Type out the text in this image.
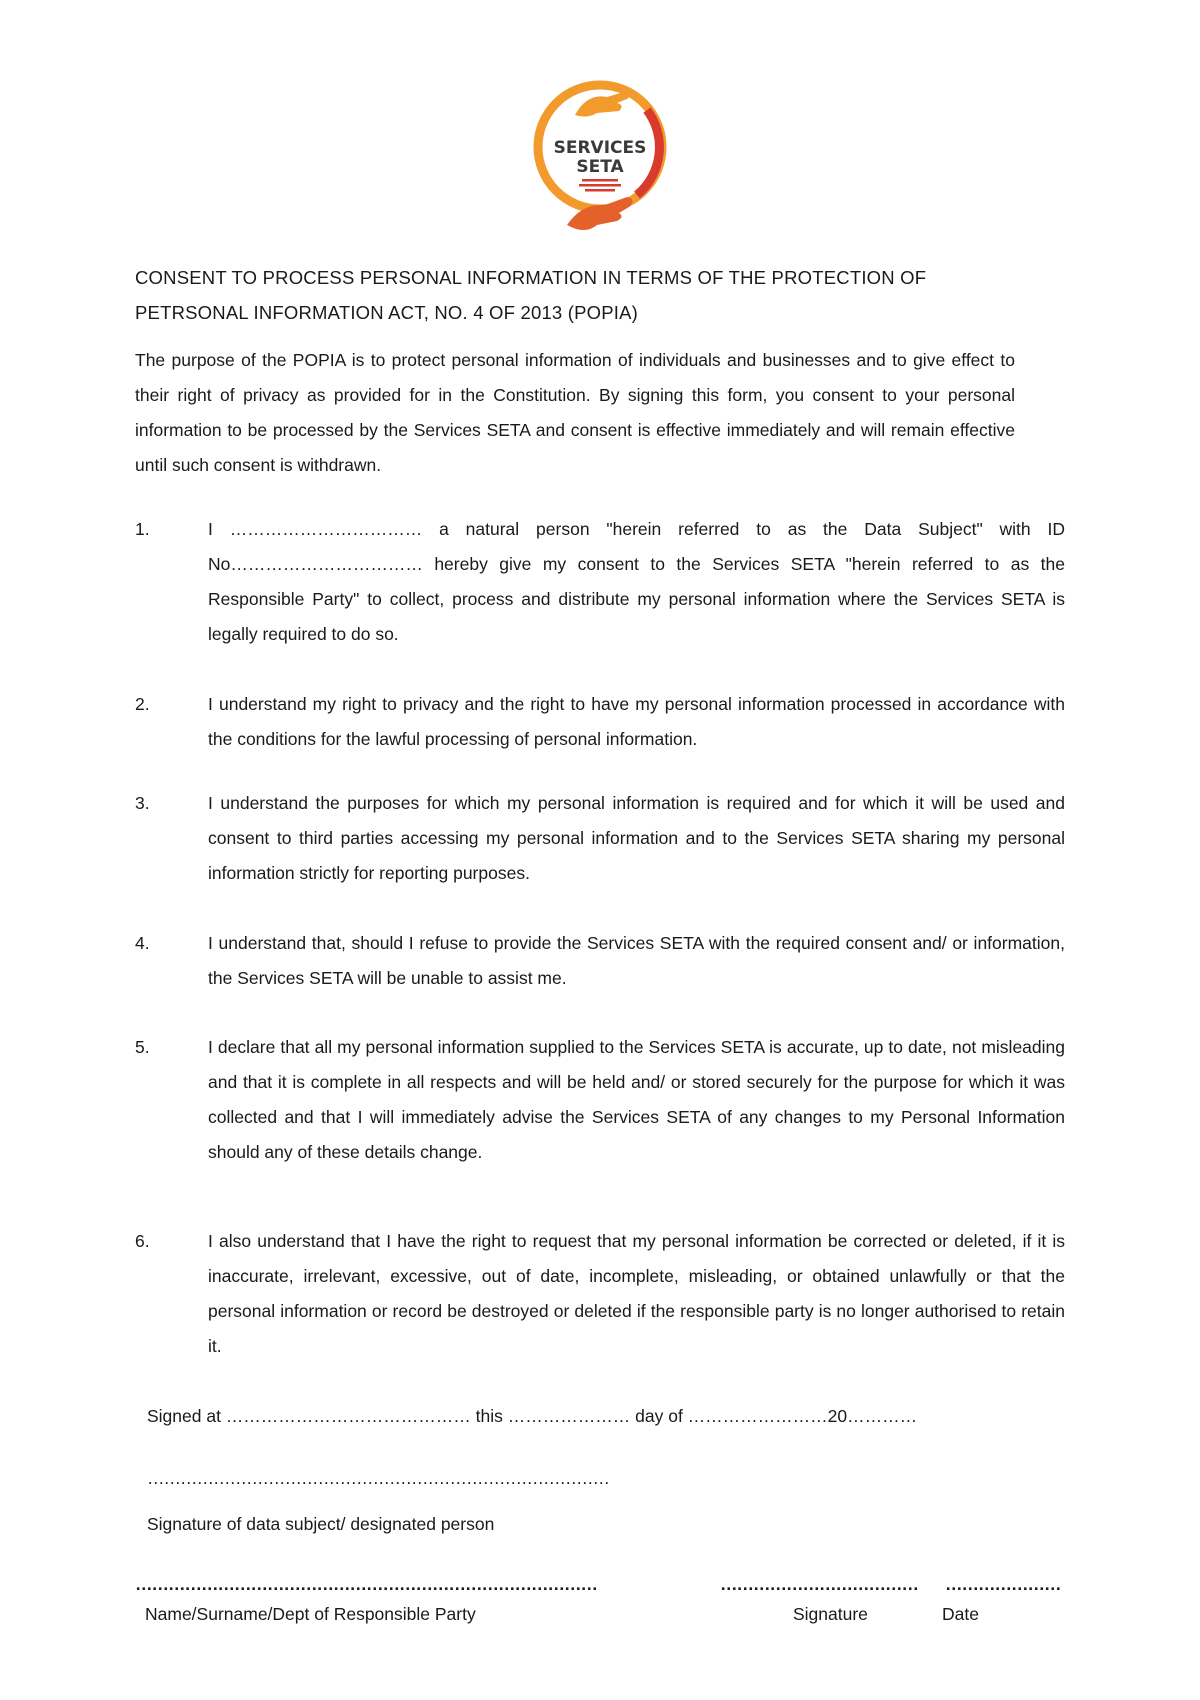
SERVICES
SETA
CONSENT TO PROCESS PERSONAL INFORMATION IN TERMS OF THE PROTECTION OF
PETRSONAL INFORMATION ACT, NO. 4 OF 2013 (POPIA)
The purpose of the POPIA is to protect personal information of individuals and businesses and to give effect to their right of privacy as provided for in the Constitution. By signing this form, you consent to your personal information to be processed by the Services SETA and consent is effective immediately and will remain effective until such consent is withdrawn.
1.	I …………………………… a natural person "herein referred to as the Data Subject" with ID No…………………………… hereby give my consent to the Services SETA "herein referred to as the Responsible Party" to collect, process and distribute my personal information where the Services SETA is legally required to do so.
2.	I understand my right to privacy and the right to have my personal information processed in accordance with the conditions for the lawful processing of personal information.
3.	I understand the purposes for which my personal information is required and for which it will be used and consent to third parties accessing my personal information and to the Services SETA sharing my personal information strictly for reporting purposes.
4.	I understand that, should I refuse to provide the Services SETA with the required consent and/ or information, the Services SETA will be unable to assist me.
5.	I declare that all my personal information supplied to the Services SETA is accurate, up to date, not misleading and that it is complete in all respects and will be held and/ or stored securely for the purpose for which it was collected and that I will immediately advise the Services SETA of any changes to my Personal Information should any of these details change.
6.	I also understand that I have the right to request that my personal information be corrected or deleted, if it is inaccurate, irrelevant, excessive, out of date, incomplete, misleading, or obtained unlawfully or that the personal information or record be destroyed or deleted if the responsible party is no longer authorised to retain it.
Signed at …………………………………… this ………………… day of ……………………20…………
…………………………………………………………………………
Signature of data subject/ designated person
…………………………………………………………………………
Name/Surname/Dept of Responsible Party
………………………………
Signature
…………………
Date
